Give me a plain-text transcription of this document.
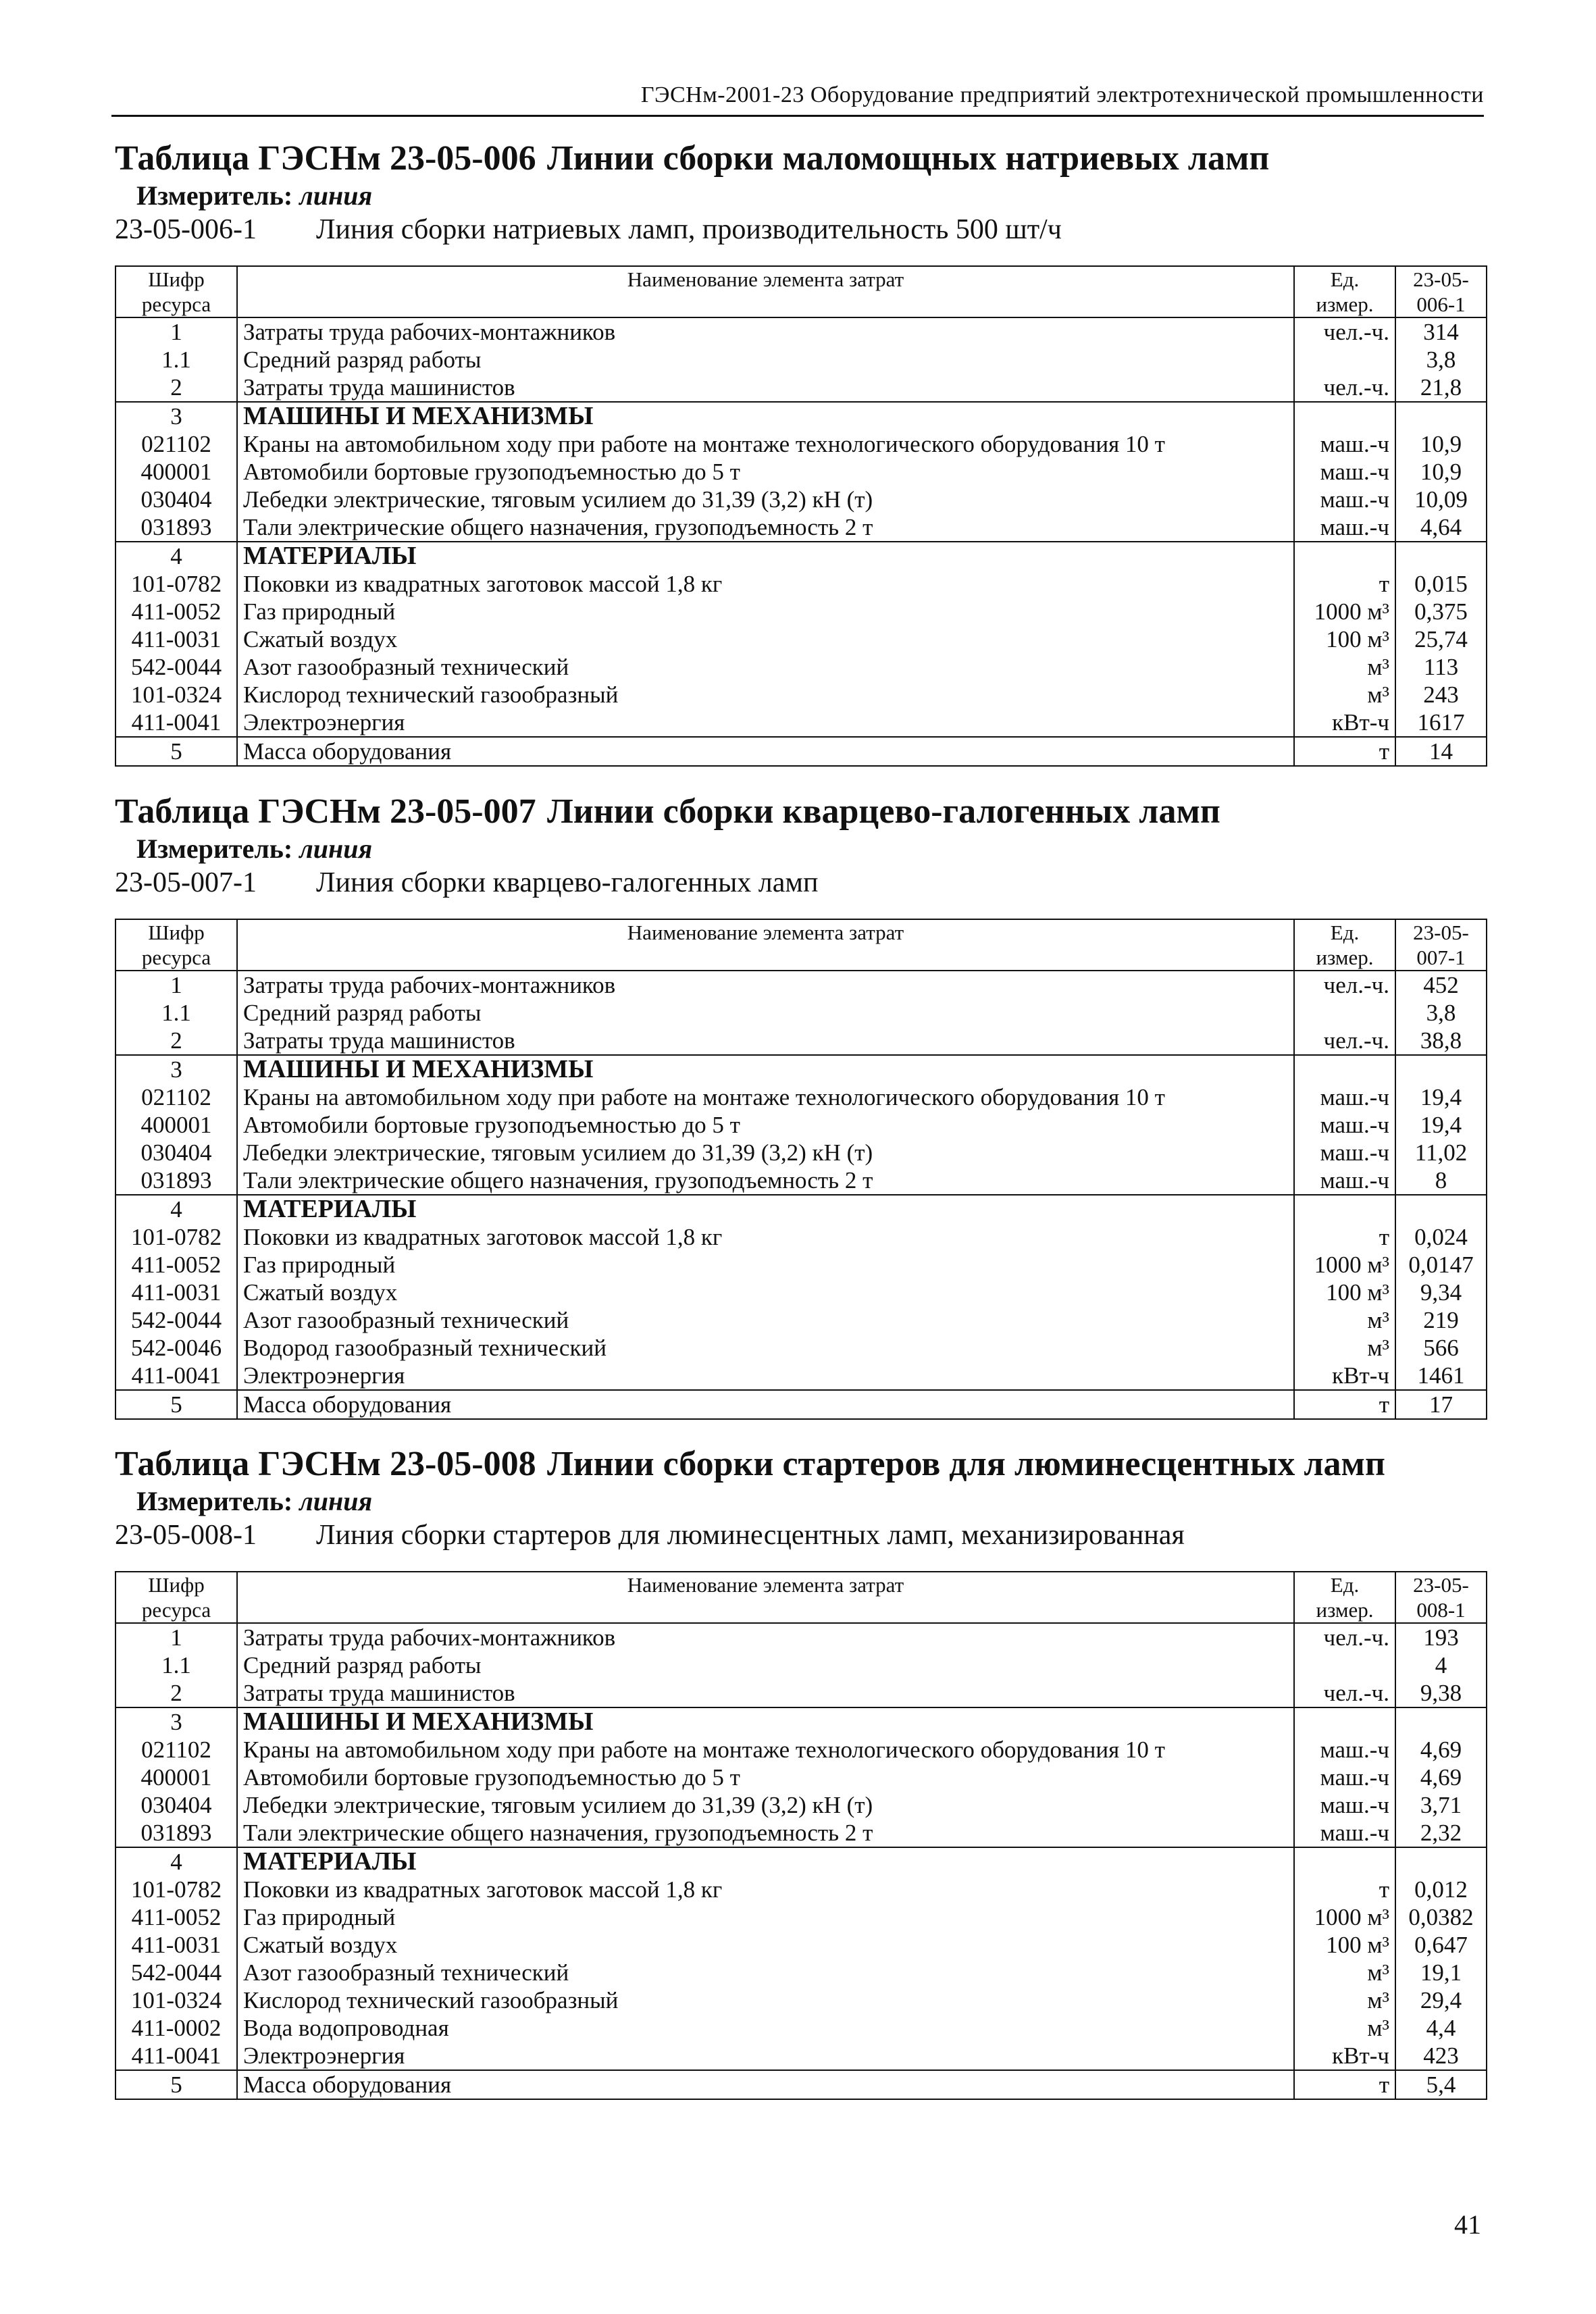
ГЭСНм-2001-23 Оборудование предприятий электротехнической промышленности
Таблица ГЭСНм 23-05-006 Линии сборки маломощных натриевых ламп
Измеритель: линия
23-05-006-1 Линия сборки натриевых ламп, производительность 500 шт/ч
Шифр ресурса	Наименование элемента затрат	Ед. измер.	23-05-006-1
1	Затраты труда рабочих-монтажников	чел.-ч.	314
1.1	Средний разряд работы		3,8
2	Затраты труда машинистов	чел.-ч.	21,8
3	МАШИНЫ И МЕХАНИЗМЫ		
021102	Краны на автомобильном ходу при работе на монтаже технологического оборудования 10 т	маш.-ч	10,9
400001	Автомобили бортовые грузоподъемностью до 5 т	маш.-ч	10,9
030404	Лебедки электрические, тяговым усилием до 31,39 (3,2) кН (т)	маш.-ч	10,09
031893	Тали электрические общего назначения, грузоподъемность 2 т	маш.-ч	4,64
4	МАТЕРИАЛЫ		
101-0782	Поковки из квадратных заготовок массой 1,8 кг	т	0,015
411-0052	Газ природный	1000 м³	0,375
411-0031	Сжатый воздух	100 м³	25,74
542-0044	Азот газообразный технический	м³	113
101-0324	Кислород технический газообразный	м³	243
411-0041	Электроэнергия	кВт-ч	1617
5	Масса оборудования	т	14
Таблица ГЭСНм 23-05-007 Линии сборки кварцево-галогенных ламп
Измеритель: линия
23-05-007-1 Линия сборки кварцево-галогенных ламп
Шифр ресурса	Наименование элемента затрат	Ед. измер.	23-05-007-1
1	Затраты труда рабочих-монтажников	чел.-ч.	452
1.1	Средний разряд работы		3,8
2	Затраты труда машинистов	чел.-ч.	38,8
3	МАШИНЫ И МЕХАНИЗМЫ		
021102	Краны на автомобильном ходу при работе на монтаже технологического оборудования 10 т	маш.-ч	19,4
400001	Автомобили бортовые грузоподъемностью до 5 т	маш.-ч	19,4
030404	Лебедки электрические, тяговым усилием до 31,39 (3,2) кН (т)	маш.-ч	11,02
031893	Тали электрические общего назначения, грузоподъемность 2 т	маш.-ч	8
4	МАТЕРИАЛЫ		
101-0782	Поковки из квадратных заготовок массой 1,8 кг	т	0,024
411-0052	Газ природный	1000 м³	0,0147
411-0031	Сжатый воздух	100 м³	9,34
542-0044	Азот газообразный технический	м³	219
542-0046	Водород газообразный технический	м³	566
411-0041	Электроэнергия	кВт-ч	1461
5	Масса оборудования	т	17
Таблица ГЭСНм 23-05-008 Линии сборки стартеров для люминесцентных ламп
Измеритель: линия
23-05-008-1 Линия сборки стартеров для люминесцентных ламп, механизированная
Шифр ресурса	Наименование элемента затрат	Ед. измер.	23-05-008-1
1	Затраты труда рабочих-монтажников	чел.-ч.	193
1.1	Средний разряд работы		4
2	Затраты труда машинистов	чел.-ч.	9,38
3	МАШИНЫ И МЕХАНИЗМЫ		
021102	Краны на автомобильном ходу при работе на монтаже технологического оборудования 10 т	маш.-ч	4,69
400001	Автомобили бортовые грузоподъемностью до 5 т	маш.-ч	4,69
030404	Лебедки электрические, тяговым усилием до 31,39 (3,2) кН (т)	маш.-ч	3,71
031893	Тали электрические общего назначения, грузоподъемность 2 т	маш.-ч	2,32
4	МАТЕРИАЛЫ		
101-0782	Поковки из квадратных заготовок массой 1,8 кг	т	0,012
411-0052	Газ природный	1000 м³	0,0382
411-0031	Сжатый воздух	100 м³	0,647
542-0044	Азот газообразный технический	м³	19,1
101-0324	Кислород технический газообразный	м³	29,4
411-0002	Вода водопроводная	м³	4,4
411-0041	Электроэнергия	кВт-ч	423
5	Масса оборудования	т	5,4
41
